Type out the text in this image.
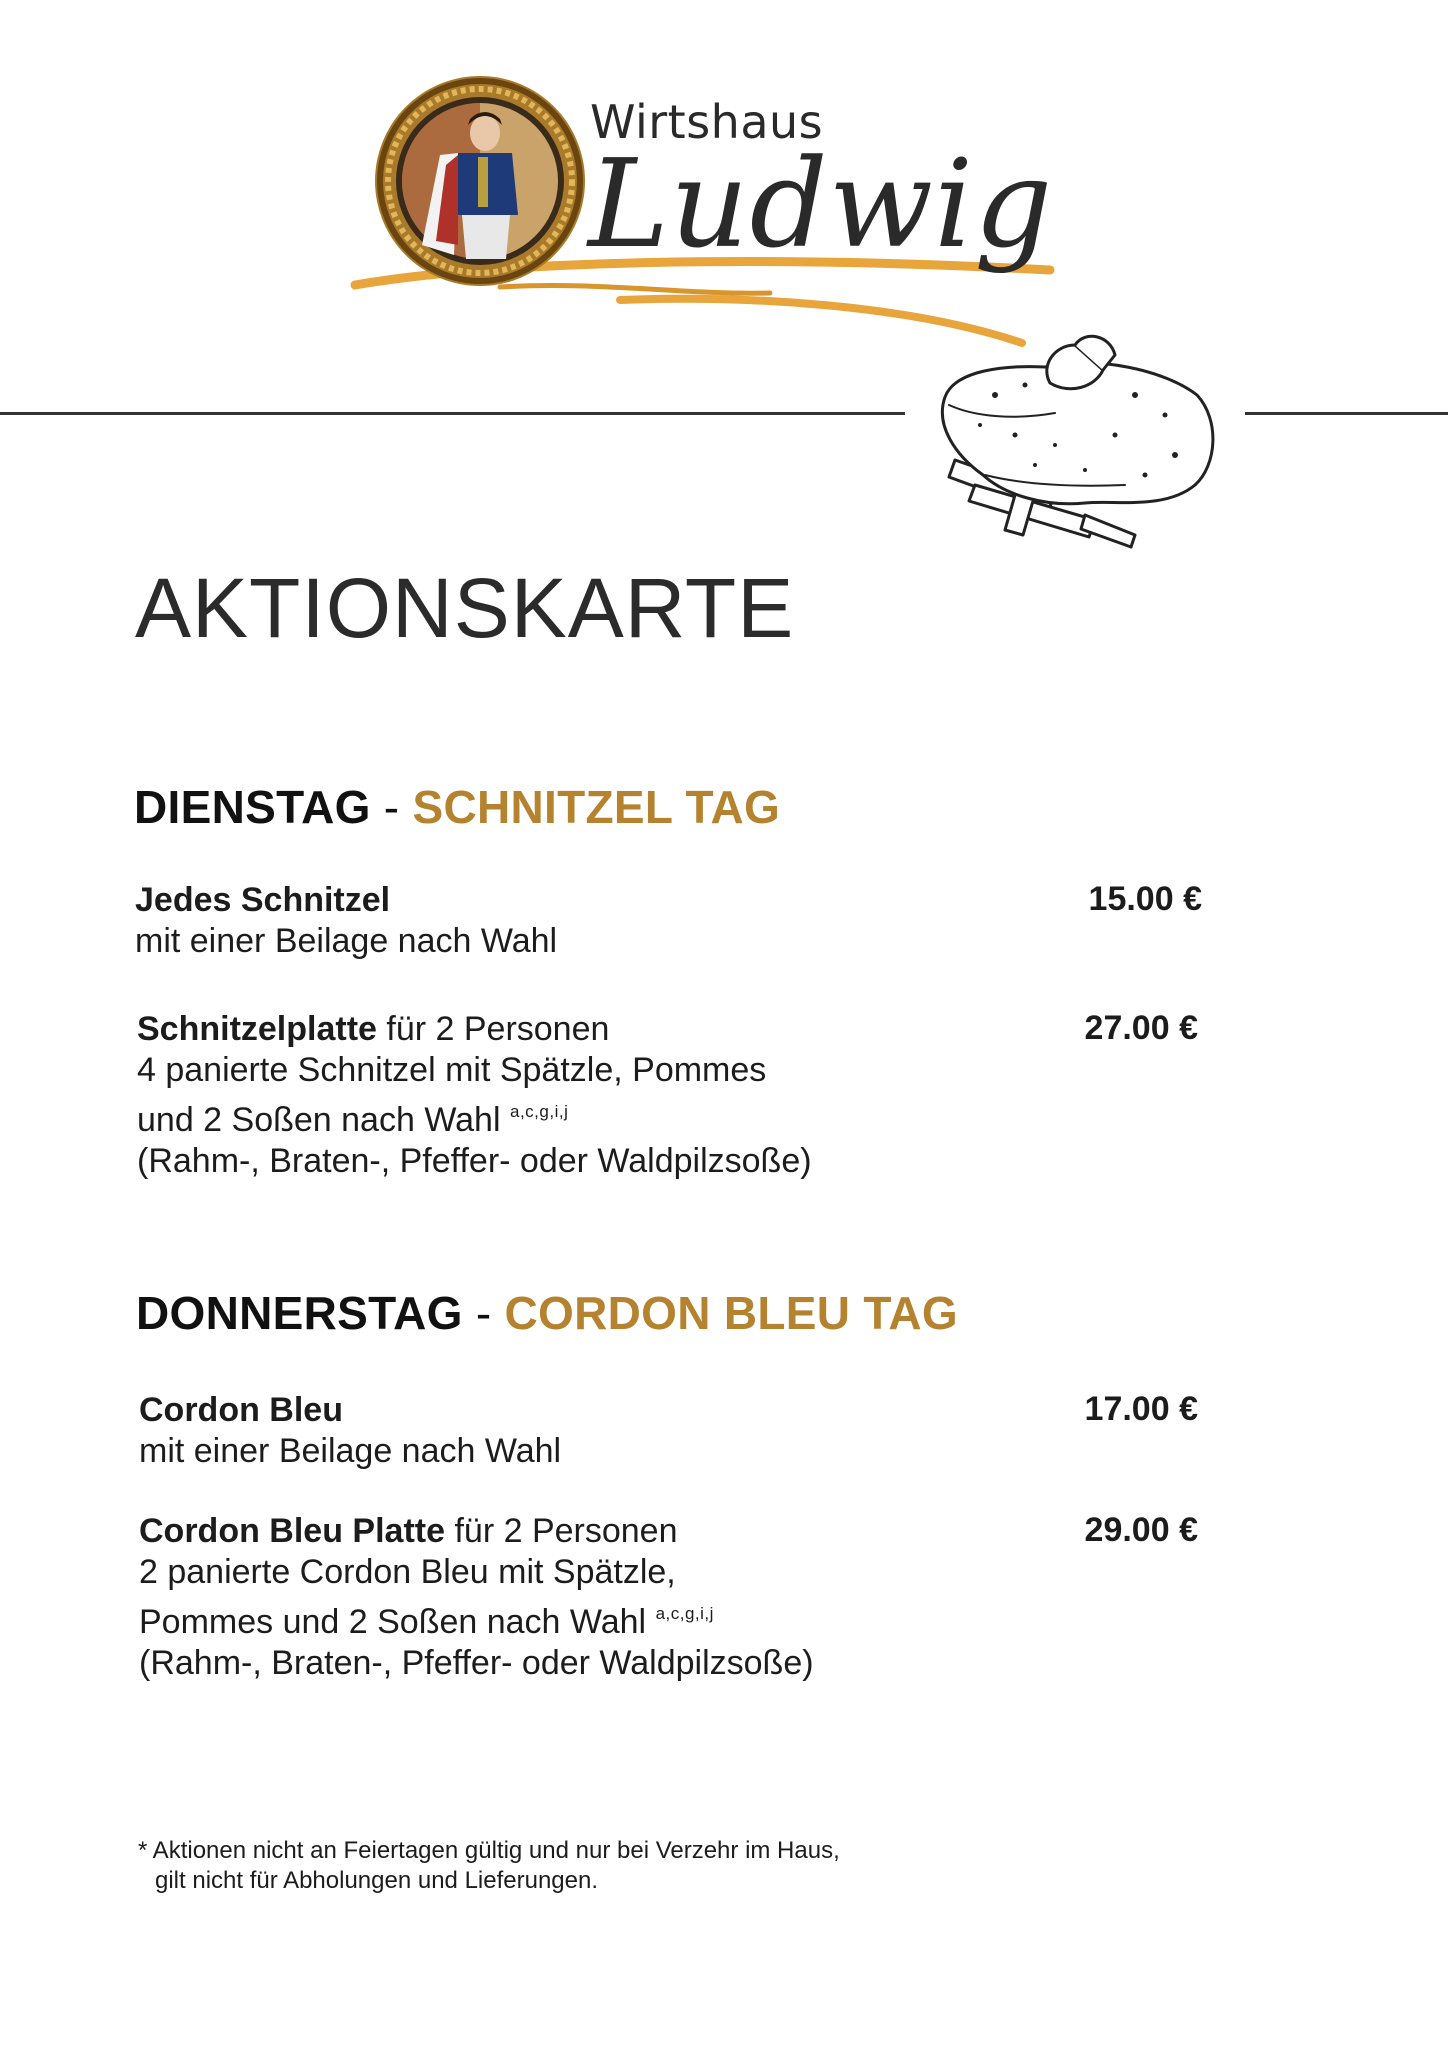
Wirtshaus
Ludwig
AKTIONSKARTE
DIENSTAG - SCHNITZEL TAG
Jedes Schnitzel
mit einer Beilage nach Wahl
15.00 €
Schnitzelplatte für 2 Personen
4 panierte Schnitzel mit Spätzle, Pommes
und 2 Soßen nach Wahl $^{a,c,g,i,j}$
(Rahm-, Braten-, Pfeffer- oder Waldpilzsoße)
27.00 €
DONNERSTAG - CORDON BLEU TAG
Cordon Bleu
mit einer Beilage nach Wahl
17.00 €
Cordon Bleu Platte für 2 Personen
2 panierte Cordon Bleu mit Spätzle,
Pommes und 2 Soßen nach Wahl $^{a,c,g,i,j}$
(Rahm-, Braten-, Pfeffer- oder Waldpilzsoße)
29.00 €
* Aktionen nicht an Feiertagen gültig und nur bei Verzehr im Haus,
gilt nicht für Abholungen und Lieferungen.
